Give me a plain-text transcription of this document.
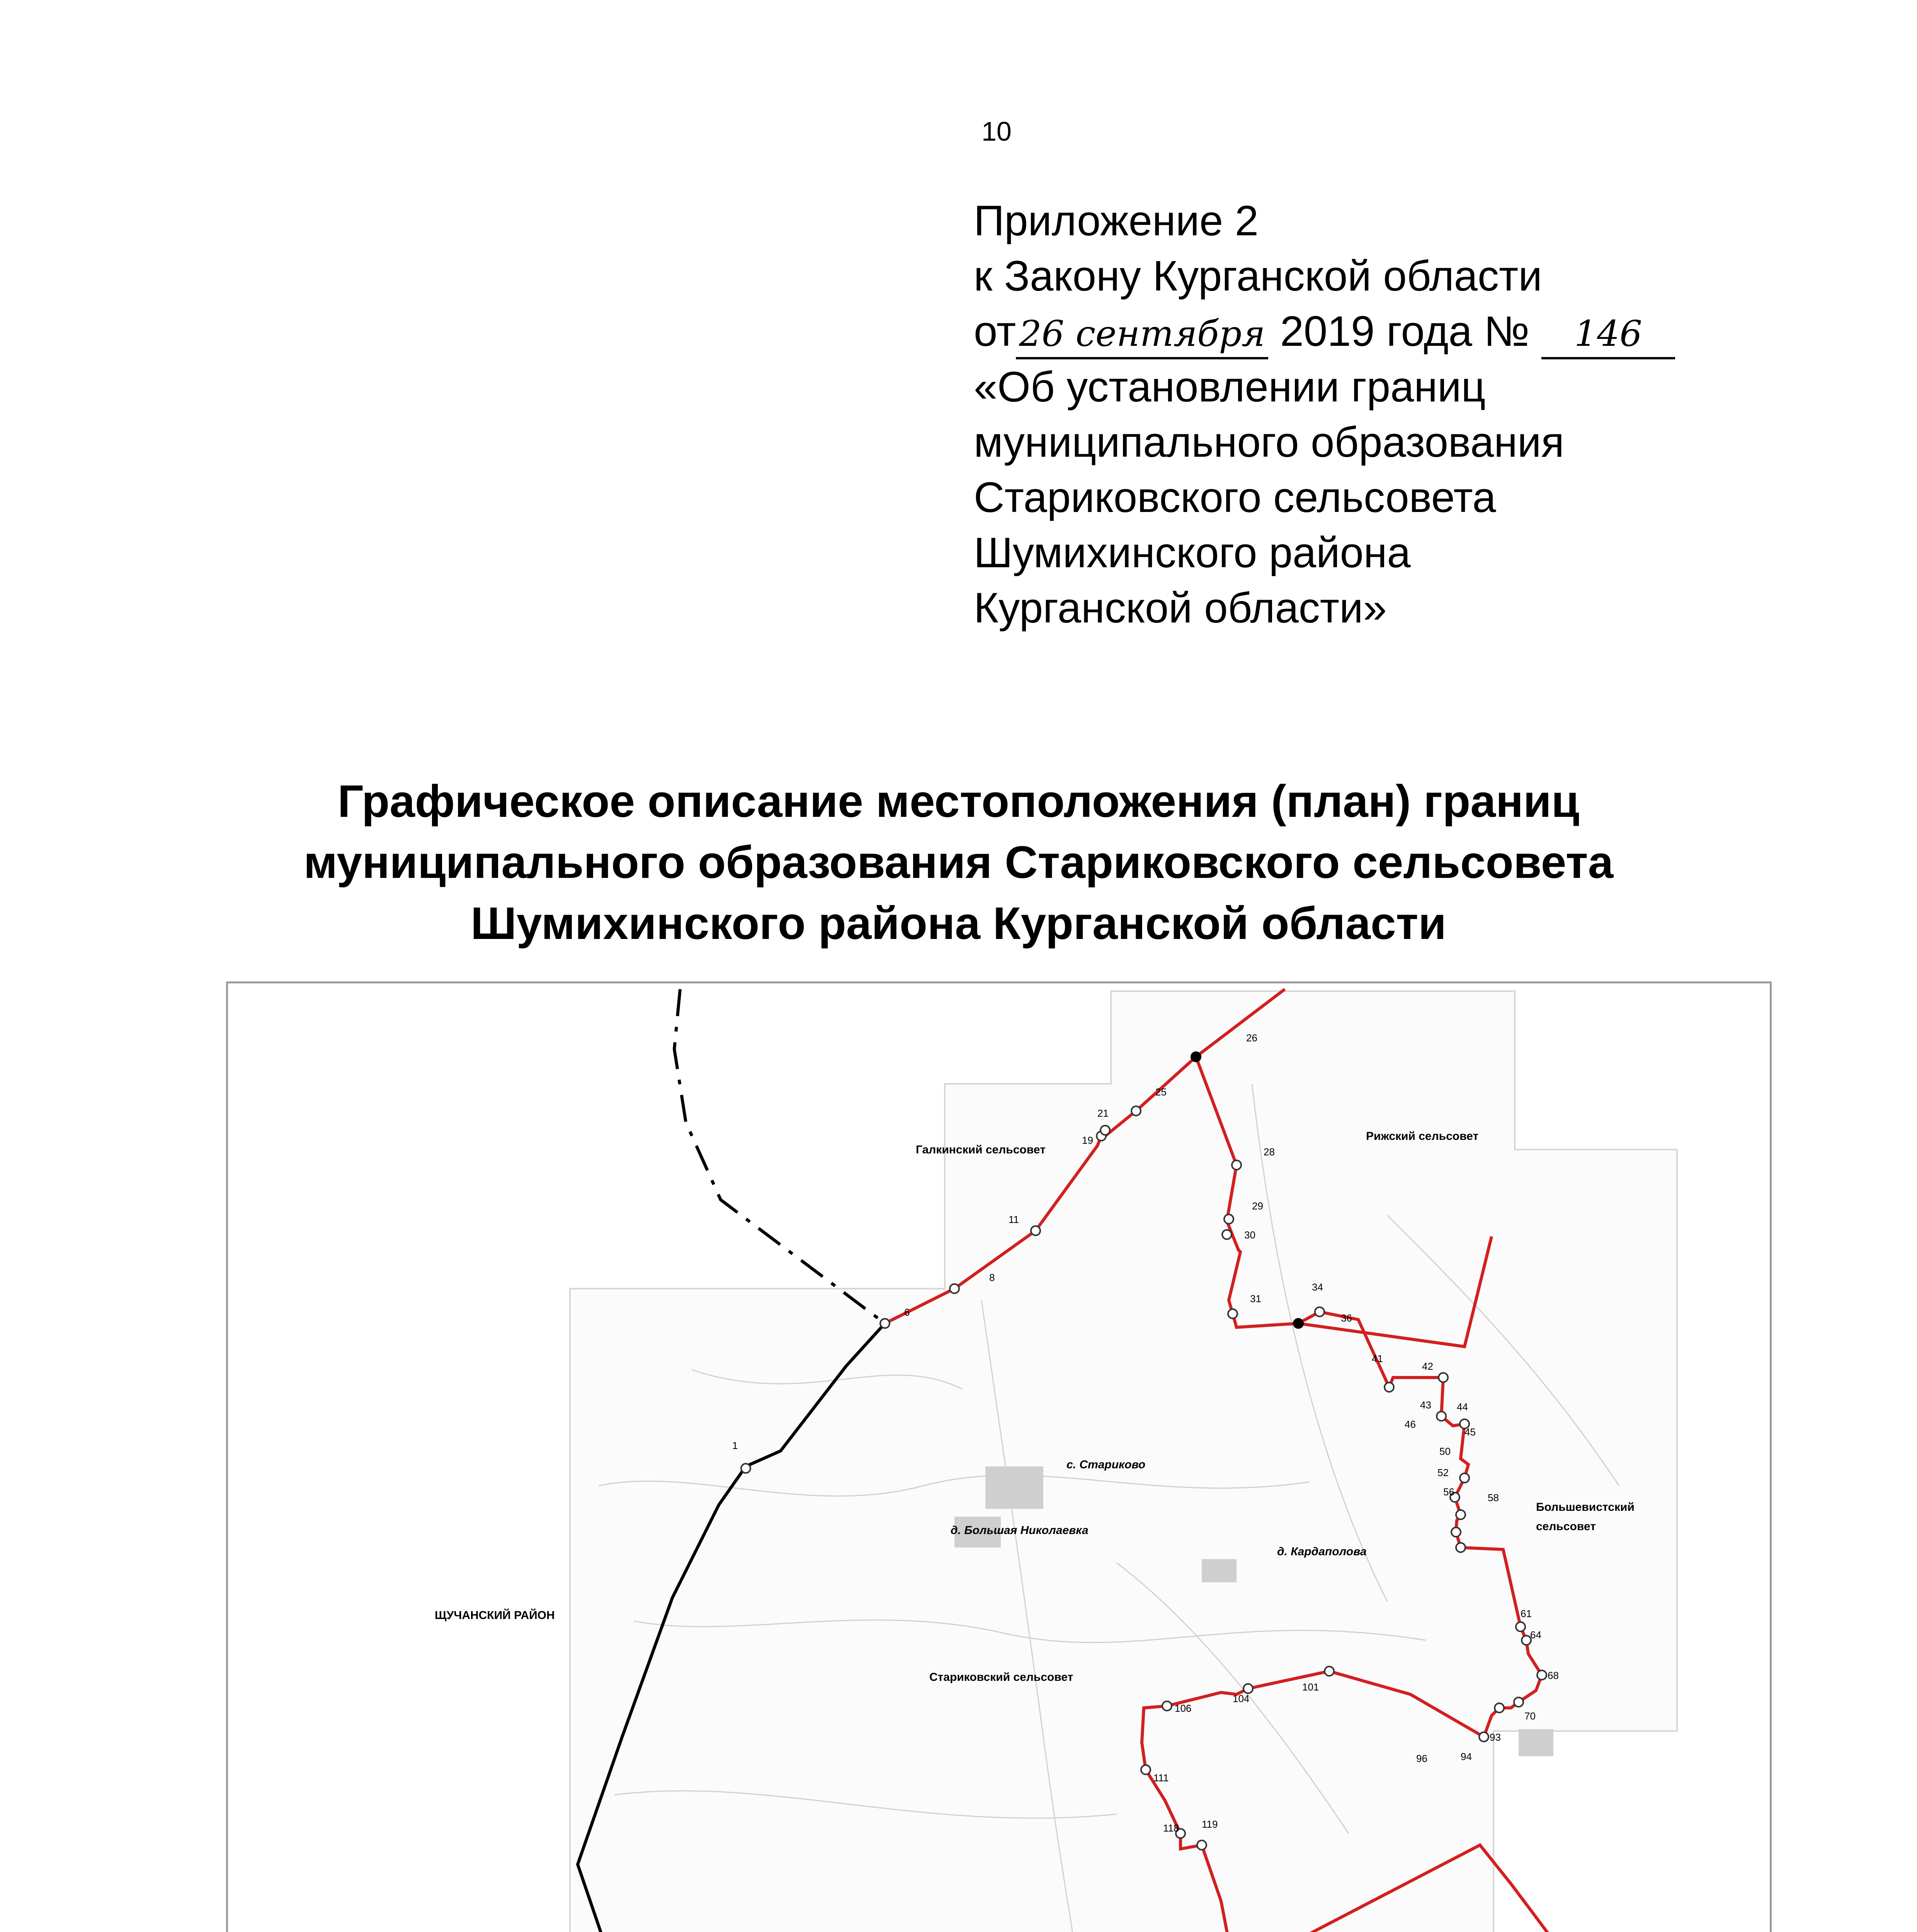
10
Приложение 2
к Закону Курганской области
от26 сентября 2019 года № 146
«Об установлении границ
муниципального образования
Стариковского сельсовета
Шумихинского района
Курганской области»
Графическое описание местоположения (план) границ
муниципального образования Стариковского сельсовета
Шумихинского района Курганской области
1
6
8
11
19
21
25
26
28
29
30
31
34
36
41
42
43	44
45
46
50
52
56	58
61
64
68
70
93
94
96
101
104
106
111
118 119
Галкинский сельсовет
Рижский сельсовет
Большевистский
сельсовет
ЩУЧАНСКИЙ РАЙОН
Стариковский сельсовет
с. Стариково
д. Большая Николаевка
д. Кардаполова
